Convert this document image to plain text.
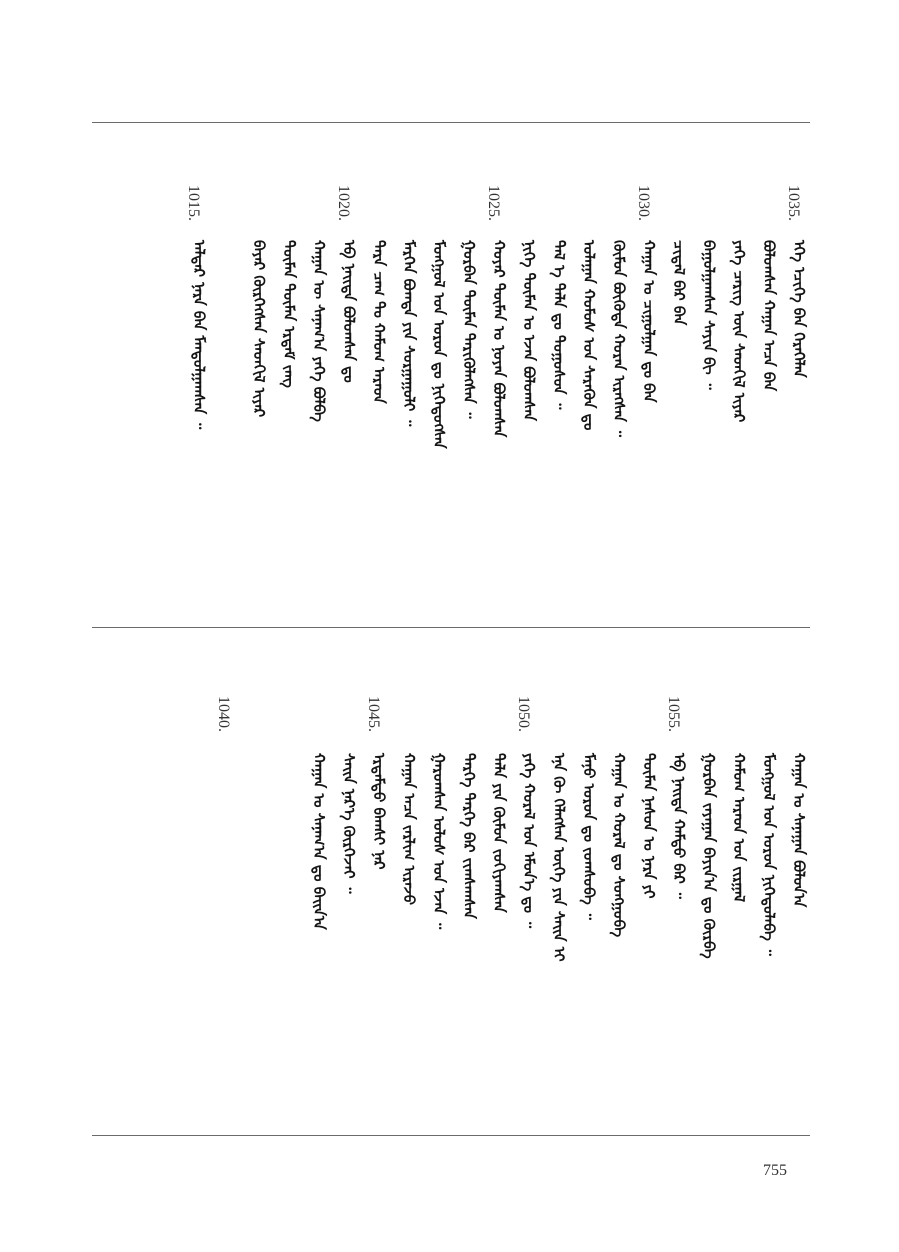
1035.
1030.
1025.
1020.
1015.
ᠡᠬᠡ ᠡᠴᠢᠭᠡ ᠪᠡᠨ ᠭᠡᠷᠡᠭᠡᠯᠡᠨ
ᠪᠣᠯᠤᠭᠰᠠᠨ ᠬᠠᠭᠠᠨ ᠠᠴᠠ ᠪᠡᠨ
ᠶᠡᠬᠡ ᠴᠡᠷᠢᠭ ᠦᠨ ᠰᠡᠳᠭᠢᠯ ᠢᠶᠡᠷ
ᠪᠠᠭᠤᠯᠭᠠᠭᠰᠠᠨ ᠰᠠᠶᠢᠨ ᠪᠢ ᠃
ᠴᠢᠳᠠᠯ ᠪᠠᠷ ᠪᠠᠨ
ᠬᠠᠭᠠᠨ ᠤ ᠴᠢᠭᠤᠯᠭᠠᠨ ᠳᠤ ᠪᠠᠨ
ᠬᠦᠮᠦᠨ ᠪᠦᠭᠦᠳᠡ ᠬᠤᠷᠠᠨ ᠢᠷᠡᠭᠰᠡᠨ ᠃
ᠤᠯᠠᠭᠠᠨ ᠬᠤᠮᠤᠰ ᠤᠨ ᠰᠡᠷᠡᠭᠦᠨ ᠳᠤ
ᠲᠠᠯ ᠡ ᠲᠠᠯᠠ ᠳᠤ ᠲᠣᠭᠤᠰᠤᠨ ᠃
ᠨᠢᠭᠡ ᠲᠦᠮᠡᠨ ᠤ ᠡᠵᠡᠨ ᠪᠣᠯᠤᠭᠰᠠᠨ
ᠬᠣᠶᠠᠷ ᠲᠦᠮᠡᠨ ᠤ ᠨᠣᠶᠠᠨ ᠪᠣᠯᠤᠭᠰᠠᠨ
ᠭᠤᠷᠪᠠᠨ ᠲᠦᠮᠡᠨ ᠲᠡᠷᠢᠭᠦᠯᠡᠭᠰᠡᠨ ᠃
ᠮᠣᠩᠭᠣᠯ ᠤᠨ ᠣᠷᠤᠨ ᠳᠤ ᠨᠢᠭᠡᠳᠦᠭᠰᠡᠨ
ᠮᠡᠷᠭᠡᠨ ᠪᠣᠭᠳᠠ ᠶᠢᠨ ᠰᠤᠷᠭᠠᠭᠤᠯᠢ ᠃
ᠲᠡᠷᠡ ᠴᠠᠭ ᠲᠤ ᠬᠠᠮᠤᠭ ᠠᠷᠠᠳ
ᠡᠪ ᠨᠡᠢᠲᠡ ᠪᠣᠯᠤᠭᠰᠠᠨ ᠳᠤ
ᠬᠠᠭᠠᠨ ᠦ ᠰᠠᠨᠠᠭ᠎ᠠ ᠶᠡᠬᠡ ᠪᠣᠯᠪᠠ
ᠲᠦᠮᠡᠨ ᠲᠦᠮᠡᠨ ᠡᠷᠳᠡᠮ ᠵᠠᠩ
ᠪᠠᠶᠠᠷ ᠬᠦᠷᠭᠡᠭᠰᠡᠨ ᠰᠡᠳᠬᠢᠯ ᠢᠶᠡᠷ
ᠠᠯᠳᠠᠷ ᠨᠡᠷᠡ ᠪᠡᠨ ᠮᠠᠨᠳᠤᠯᠭᠠᠭᠰᠠᠨ ᠃
1055.
1050.
1045.
1040.
ᠬᠠᠭᠠᠨ ᠤ ᠰᠠᠨᠠᠭᠠᠨ ᠪᠣᠯᠤᠨ᠎ᠠ
ᠮᠣᠩᠭᠣᠯ ᠤᠨ ᠣᠷᠤᠨ ᠨᠢᠭᠡᠳᠦᠯᠡᠪᠡ ᠃
ᠬᠠᠮᠤᠭ ᠠᠷᠠᠳ ᠤᠨ ᠵᠢᠷᠭᠠᠯ
ᠭᠤᠷᠪᠠᠨ ᠵᠠᠶᠠᠭᠠᠨ ᠪᠠᠶᠢᠨ᠎ᠠ ᠳᠤ ᠬᠦᠷᠪᠡ
ᠡᠪ ᠨᠡᠢᠲᠡ ᠬᠠᠮᠲᠤ ᠪᠠᠷ ᠃
ᠲᠦᠮᠡᠨ ᠨᠠᠰᠤᠨ ᠤ ᠨᠡᠷᠡ ᠶᠢ
ᠬᠠᠭᠠᠨ ᠤ ᠬᠤᠷᠠᠯ ᠳᠤ ᠰᠣᠩᠭᠣᠪᠠ
ᠮᠠᠨᠤ ᠣᠷᠤᠨ ᠳᠤ ᠵᠣᠭᠰᠤᠪᠠ ᠃
ᠡᠨᠡ ᠬᠦ ᠬᠡᠯᠡᠭᠰᠡᠨ ᠦᠭᠡ ᠶᠢᠨ ᠰᠠᠢᠨ ᠢ
ᠶᠡᠬᠡ ᠬᠤᠷᠠᠯ ᠤᠨ ᠡᠮᠦᠨ᠎ᠡ ᠳᠤ ᠃
ᠲᠠᠯᠠ ᠶᠢᠨ ᠬᠦᠮᠦᠨ ᠵᠣᠬᠢᠶᠠᠭᠰᠠᠨ
ᠲᠡᠷᠭᠡ ᠲᠡᠷᠭᠡ ᠪᠠᠷ ᠵᠢᠭᠰᠠᠭᠰᠠᠨ
ᠭᠠᠷᠤᠭᠰᠠᠨ ᠤᠯᠤᠰ ᠤᠨ ᠡᠵᠡᠨ ᠃
ᠬᠠᠭᠠᠨ ᠠᠴᠠ ᠵᠠᠷᠯᠢᠭ ᠢᠷᠡᠵᠦ
ᠡᠷᠳᠡᠮᠲᠦ ᠪᠠᠭᠰᠢ ᠨᠠᠷ
ᠰᠠᠢᠨ ᠨᠡᠷ᠎ᠡ ᠬᠦᠷᠭᠡᠵᠡᠢ ᠃
ᠬᠠᠭᠠᠨ ᠤ ᠰᠠᠨᠠᠭ᠎ᠠ ᠳᠤ ᠪᠠᠢᠨ᠎ᠠ
755
